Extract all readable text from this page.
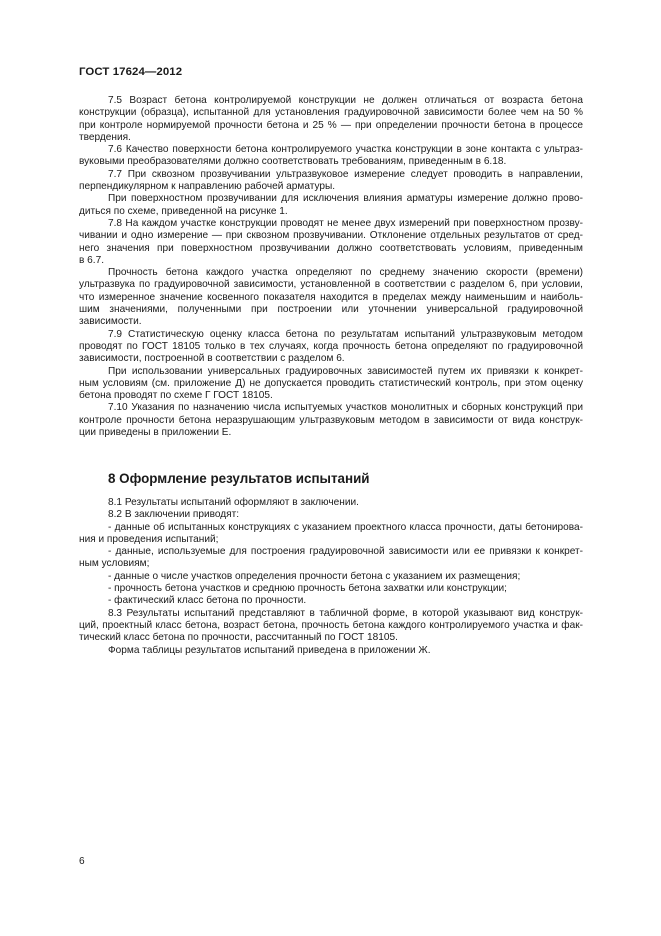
ГОСТ 17624—2012
7.5 Возраст бетона контролируемой конструкции не должен отличаться от возраста бетона
конструкции (образца), испытанной для установления градуировочной зависимости более чем на 50 %
при контроле нормируемой прочности бетона и 25 % — при определении прочности бетона в процессе
твердения.
7.6 Качество поверхности бетона контролируемого участка конструкции в зоне контакта с ультраз-
вуковыми преобразователями должно соответствовать требованиям, приведенным в 6.18.
7.7 При сквозном прозвучивании ультразвуковое измерение следует проводить в направлении,
перпендикулярном к направлению рабочей арматуры.
При поверхностном прозвучивании для исключения влияния арматуры измерение должно прово-
диться по схеме, приведенной на рисунке 1.
7.8 На каждом участке конструкции проводят не менее двух измерений при поверхностном прозву-
чивании и одно измерение — при сквозном прозвучивании. Отклонение отдельных результатов от сред-
него значения при поверхностном прозвучивании должно соответствовать условиям, приведенным
в 6.7.
Прочность бетона каждого участка определяют по среднему значению скорости (времени)
ультразвука по градуировочной зависимости, установленной в соответствии с разделом 6, при условии,
что измеренное значение косвенного показателя находится в пределах между наименьшим и наиболь-
шим значениями, полученными при построении или уточнении универсальной градуировочной
зависимости.
7.9 Статистическую оценку класса бетона по результатам испытаний ультразвуковым методом
проводят по ГОСТ 18105 только в тех случаях, когда прочность бетона определяют по градуировочной
зависимости, построенной в соответствии с разделом 6.
При использовании универсальных градуировочных зависимостей путем их привязки к конкрет-
ным условиям (см. приложение Д) не допускается проводить статистический контроль, при этом оценку
бетона проводят по схеме Г ГОСТ 18105.
7.10 Указания по назначению числа испытуемых участков монолитных и сборных конструкций при
контроле прочности бетона неразрушающим ультразвуковым методом в зависимости от вида конструк-
ции приведены в приложении Е.
8 Оформление результатов испытаний
8.1 Результаты испытаний оформляют в заключении.
8.2 В заключении приводят:
- данные об испытанных конструкциях с указанием проектного класса прочности, даты бетонирова-
ния и проведения испытаний;
- данные, используемые для построения градуировочной зависимости или ее привязки к конкрет-
ным условиям;
- данные о числе участков определения прочности бетона с указанием их размещения;
- прочность бетона участков и среднюю прочность бетона захватки или конструкции;
- фактический класс бетона по прочности.
8.3 Результаты испытаний представляют в табличной форме, в которой указывают вид конструк-
ций, проектный класс бетона, возраст бетона, прочность бетона каждого контролируемого участка и фак-
тический класс бетона по прочности, рассчитанный по ГОСТ 18105.
Форма таблицы результатов испытаний приведена в приложении Ж.
6
